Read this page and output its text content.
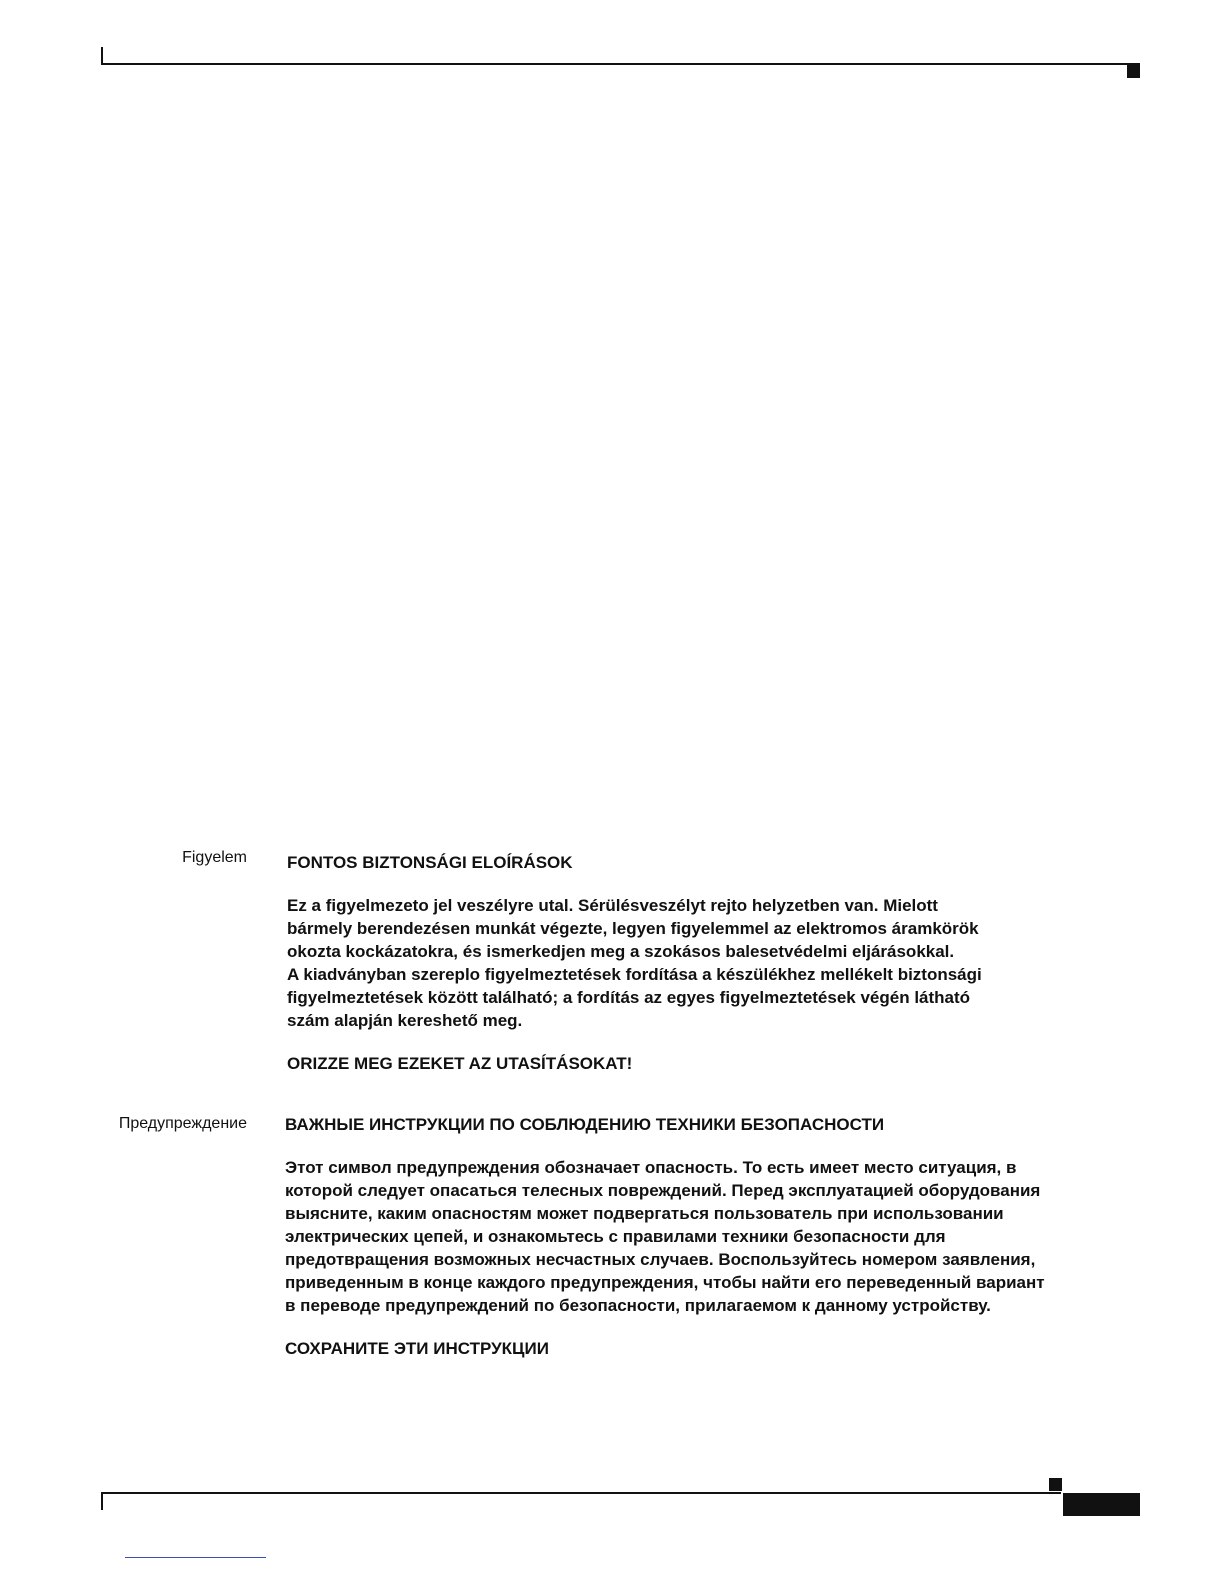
Figyelem FONTOS BIZTONSÁGI ELOÍRÁSOK

Ez a figyelmezeto jel veszélyre utal. Sérülésveszélyt rejto helyzetben van. Mielott

bármely berendezésen munkát végezte, legyen figyelemmel az elektromos áramkörök

okozta kockázatokra, és ismerkedjen meg a szokásos balesetvédelmi eljárásokkal.

A kiadványban szereplo figyelmeztetések fordítása a készülékhez mellékelt biztonsági

figyelmeztetések között található; a fordítás az egyes figyelmeztetések végén látható

szám alapján kereshető meg.

ORIZZE MEG EZEKET AZ UTASÍTÁSOKAT!

Предупреждение ВАЖНЫЕ ИНСТРУКЦИИ ПО СОБЛЮДЕНИЮ ТЕХНИКИ БЕЗОПАСНОСТИ

Этот символ предупреждения обозначает опасность. То есть имеет место ситуация, в

которой следует опасаться телесных повреждений. Перед эксплуатацией оборудования

выясните, каким опасностям может подвергаться пользователь при использовании

электрических цепей, и ознакомьтесь с правилами техники безопасности для

предотвращения возможных несчастных случаев. Воспользуйтесь номером заявления,

приведенным в конце каждого предупреждения, чтобы найти его переведенный вариант

в переводе предупреждений по безопасности, прилагаемом к данному устройству.

СОХРАНИТЕ ЭТИ ИНСТРУКЦИИ
